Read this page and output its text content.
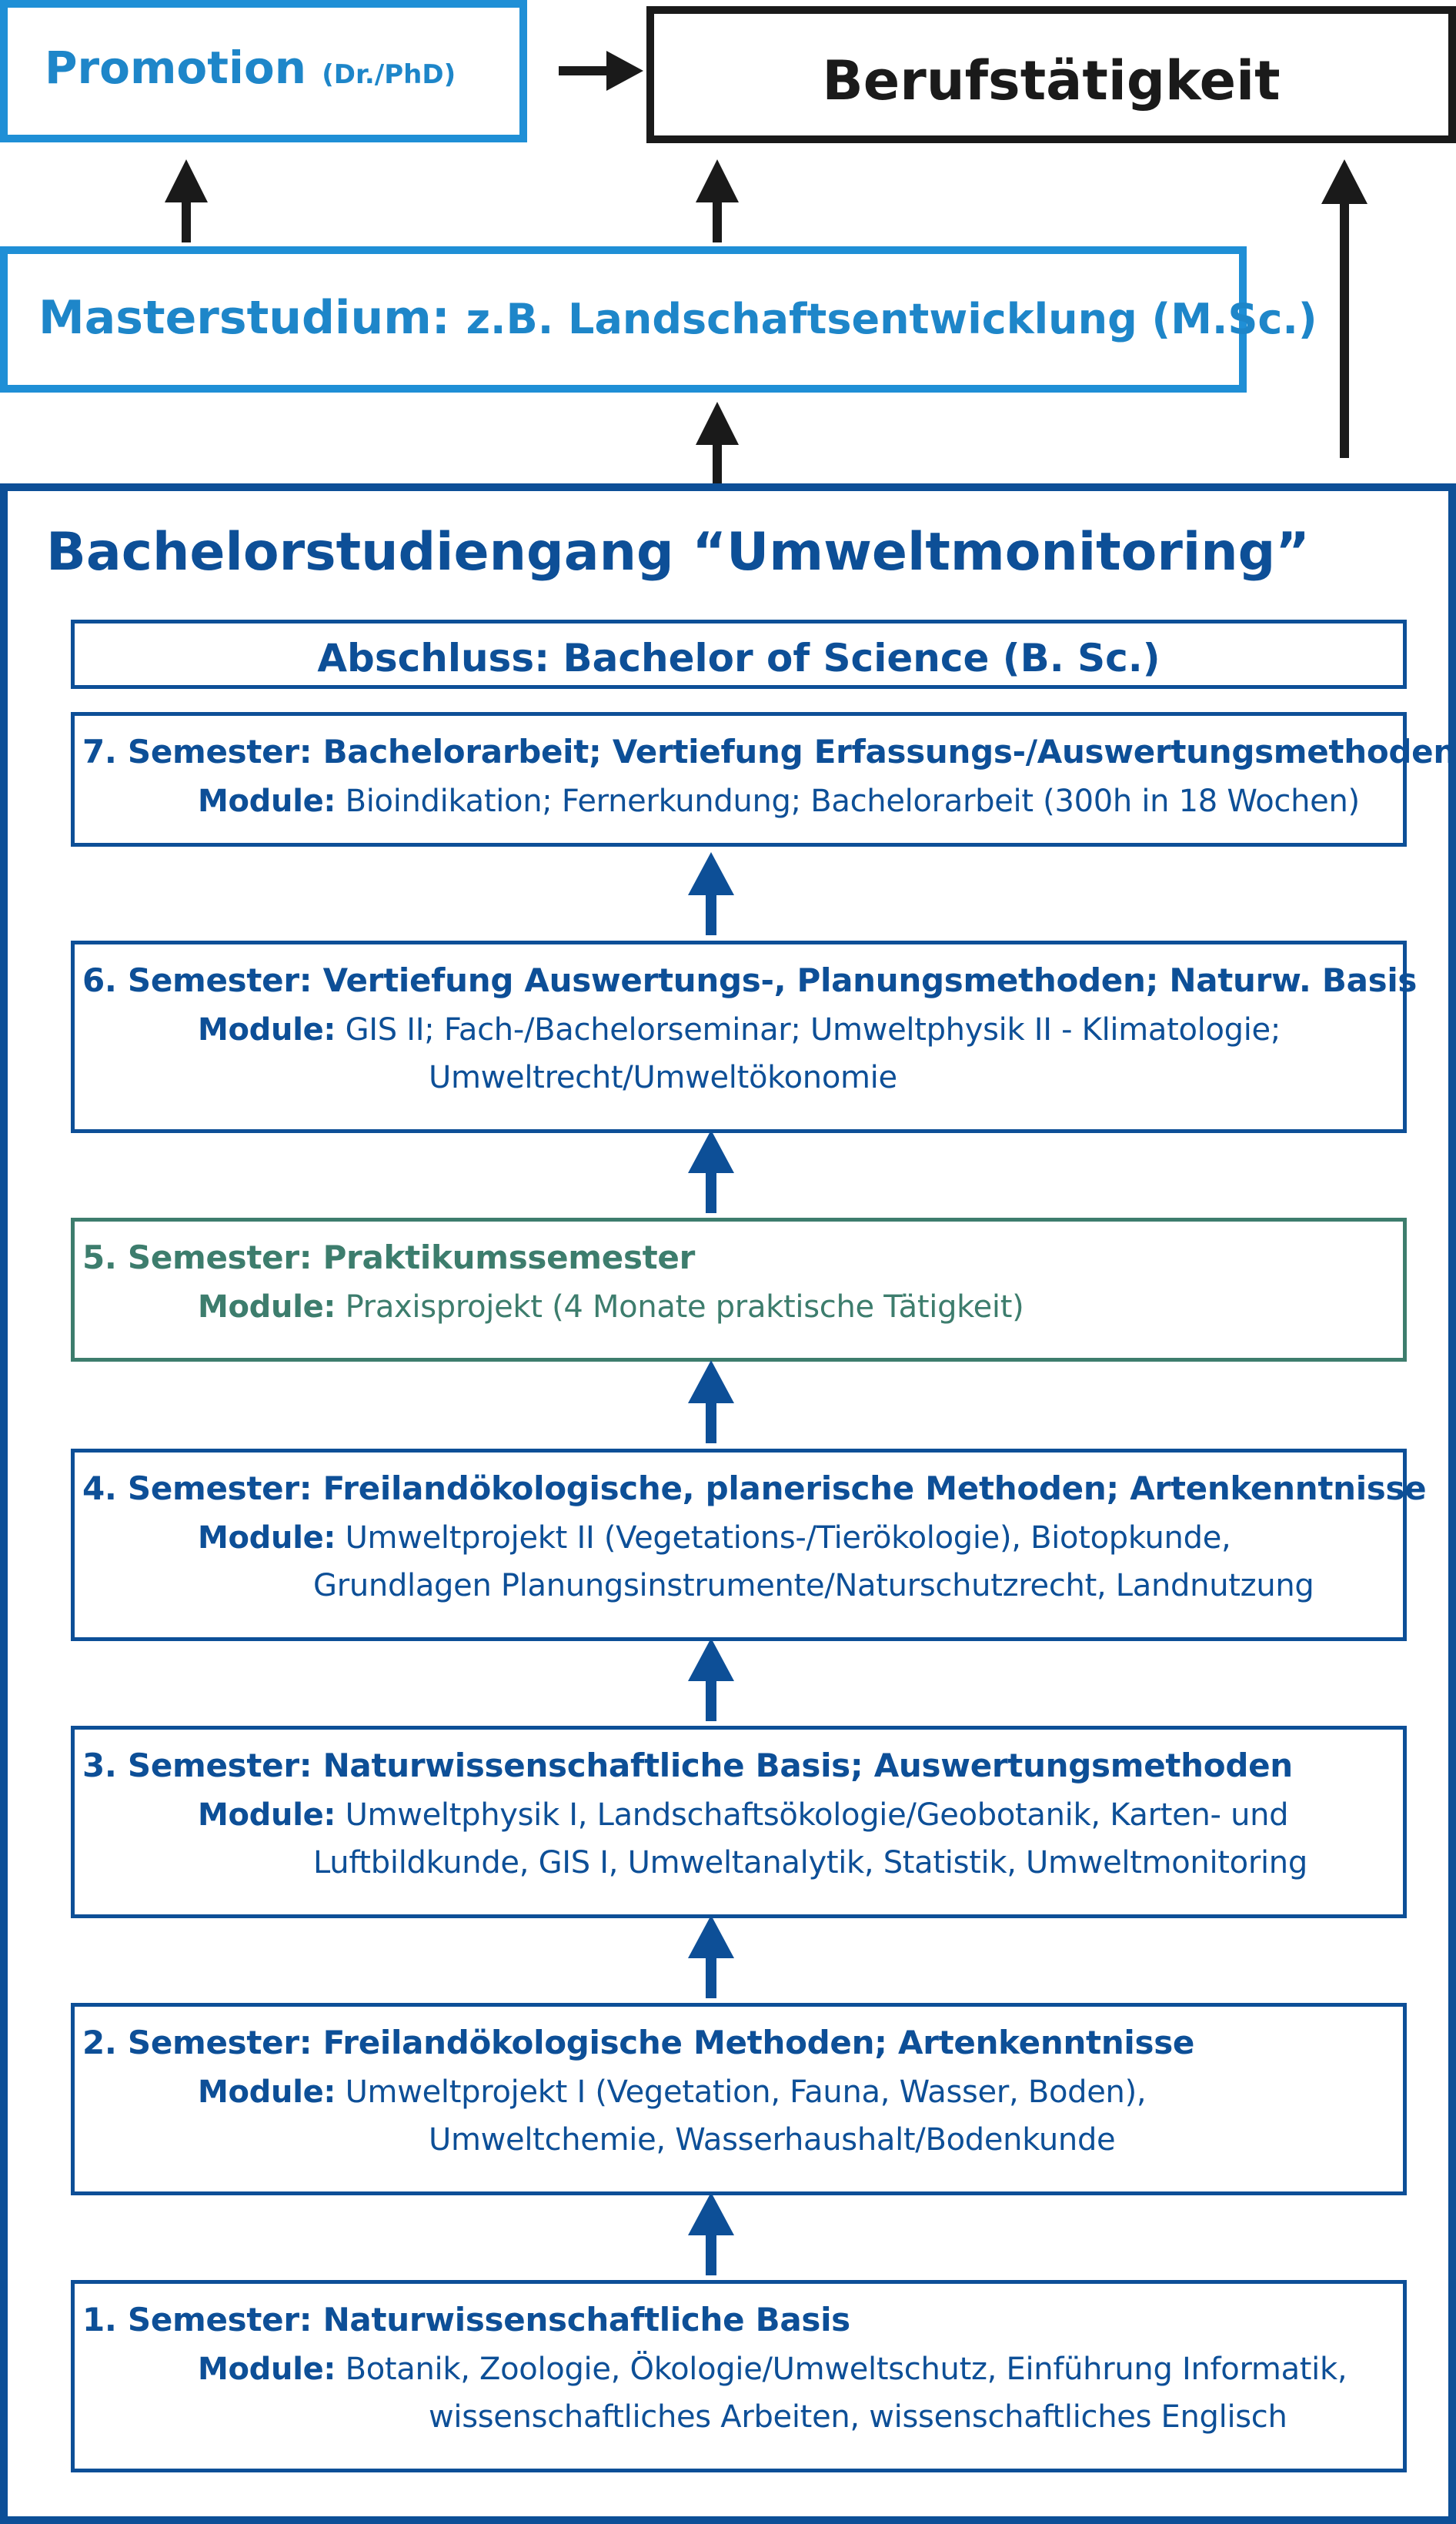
Promotion (Dr./PhD)	Berufstätigkeit
Masterstudium: z.B. Landschaftsentwicklung (M.Sc.)
Bachelorstudiengang “Umweltmonitoring”
Abschluss: Bachelor of Science (B. Sc.)
7. Semester: Bachelorarbeit; Vertiefung Erfassungs-/Auswertungsmethoden
Module: Bioindikation; Fernerkundung; Bachelorarbeit (300h in 18 Wochen)
6. Semester: Vertiefung Auswertungs-, Planungsmethoden; Naturw. Basis
Module: GIS II; Fach-/Bachelorseminar; Umweltphysik II - Klimatologie;
Umweltrecht/Umweltökonomie
5. Semester: Praktikumssemester
Module: Praxisprojekt (4 Monate praktische Tätigkeit)
4. Semester: Freilandökologische, planerische Methoden; Artenkenntnisse
Module: Umweltprojekt II (Vegetations-/Tierökologie), Biotopkunde,
Grundlagen Planungsinstrumente/Naturschutzrecht, Landnutzung
3. Semester: Naturwissenschaftliche Basis; Auswertungsmethoden
Module: Umweltphysik I, Landschaftsökologie/Geobotanik, Karten- und
Luftbildkunde, GIS I, Umweltanalytik, Statistik, Umweltmonitoring
2. Semester: Freilandökologische Methoden; Artenkenntnisse
Module: Umweltprojekt I (Vegetation, Fauna, Wasser, Boden),
Umweltchemie, Wasserhaushalt/Bodenkunde
1. Semester: Naturwissenschaftliche Basis
Module: Botanik, Zoologie, Ökologie/Umweltschutz, Einführung Informatik,
wissenschaftliches Arbeiten, wissenschaftliches Englisch
